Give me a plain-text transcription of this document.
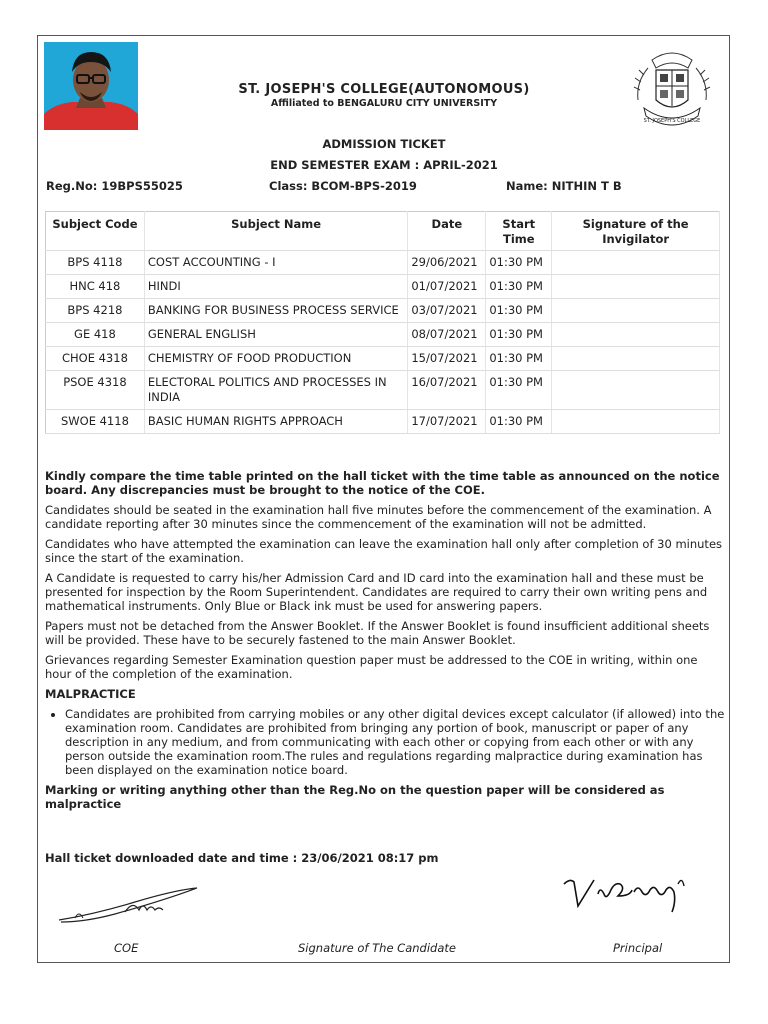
ST. JOSEPH'S COLLEGE
ST. JOSEPH'S COLLEGE(AUTONOMOUS)
Affiliated to BENGALURU CITY UNIVERSITY
ADMISSION TICKET
END SEMESTER EXAM : APRIL-2021
Reg.No: 19BPS55025	Class: BCOM-BPS-2019	Name: NITHIN T B
Subject Code	Subject Name	Date	Start Time	Signature of the Invigilator
BPS 4118	COST ACCOUNTING - I	29/06/2021	01:30 PM	
HNC 418	HINDI	01/07/2021	01:30 PM	
BPS 4218	BANKING FOR BUSINESS PROCESS SERVICE	03/07/2021	01:30 PM	
GE 418	GENERAL ENGLISH	08/07/2021	01:30 PM	
CHOE 4318	CHEMISTRY OF FOOD PRODUCTION	15/07/2021	01:30 PM	
PSOE 4318	ELECTORAL POLITICS AND PROCESSES IN INDIA	16/07/2021	01:30 PM	
SWOE 4118	BASIC HUMAN RIGHTS APPROACH	17/07/2021	01:30 PM	

Kindly compare the time table printed on the hall ticket with the time table as announced on the notice board. Any discrepancies must be brought to the notice of the COE.

Candidates should be seated in the examination hall five minutes before the commencement of the examination. A candidate reporting after 30 minutes since the commencement of the examination will not be admitted.

Candidates who have attempted the examination can leave the examination hall only after completion of 30 minutes since the start of the examination.

A Candidate is requested to carry his/her Admission Card and ID card into the examination hall and these must be presented for inspection by the Room Superintendent. Candidates are required to carry their own writing pens and mathematical instruments. Only Blue or Black ink must be used for answering papers.

Papers must not be detached from the Answer Booklet. If the Answer Booklet is found insufficient additional sheets will be provided. These have to be securely fastened to the main Answer Booklet.

Grievances regarding Semester Examination question paper must be addressed to the COE in writing, within one hour of the completion of the examination.

MALPRACTICE

• Candidates are prohibited from carrying mobiles or any other digital devices except calculator (if allowed) into the examination room. Candidates are prohibited from bringing any portion of book, manuscript or paper of any description in any medium, and from communicating with each other or copying from each other or with any person outside the examination room.The rules and regulations regarding malpractice during examination has been displayed on the examination notice board.

Marking or writing anything other than the Reg.No on the question paper will be considered as malpractice

Hall ticket downloaded date and time : 23/06/2021 08:17 pm
COE	Signature of The Candidate	Principal
